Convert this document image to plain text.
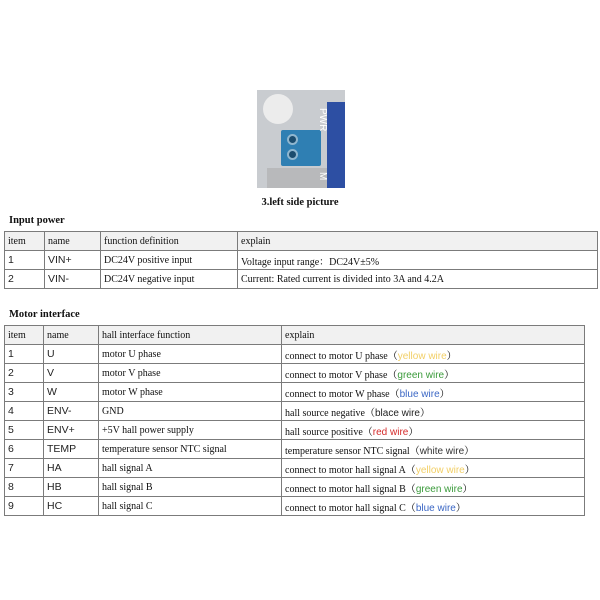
PWR
M
3.left side picture
Input power
item	name	function definition	explain
1	VIN+	DC24V positive input	Voltage input range：DC24V±5%
2	VIN-	DC24V negative input	Current: Rated current is divided into 3A and 4.2A
Motor interface
item	name	hall interface function	explain
1	U	motor U phase	connect to motor U phase（yellow wire）
2	V	motor V phase	connect to motor V phase（green wire）
3	W	motor W phase	connect to motor W phase（blue wire）
4	ENV-	GND	hall source negative（blace wire）
5	ENV+	+5V hall power supply	hall source positive（red wire）
6	TEMP	temperature sensor NTC signal	temperature sensor NTC signal（white wire）
7	HA	hall signal A	connect to motor hall signal A（yellow wire）
8	HB	hall signal B	connect to motor hall signal B（green wire）
9	HC	hall signal C	connect to motor hall signal C（blue wire）
